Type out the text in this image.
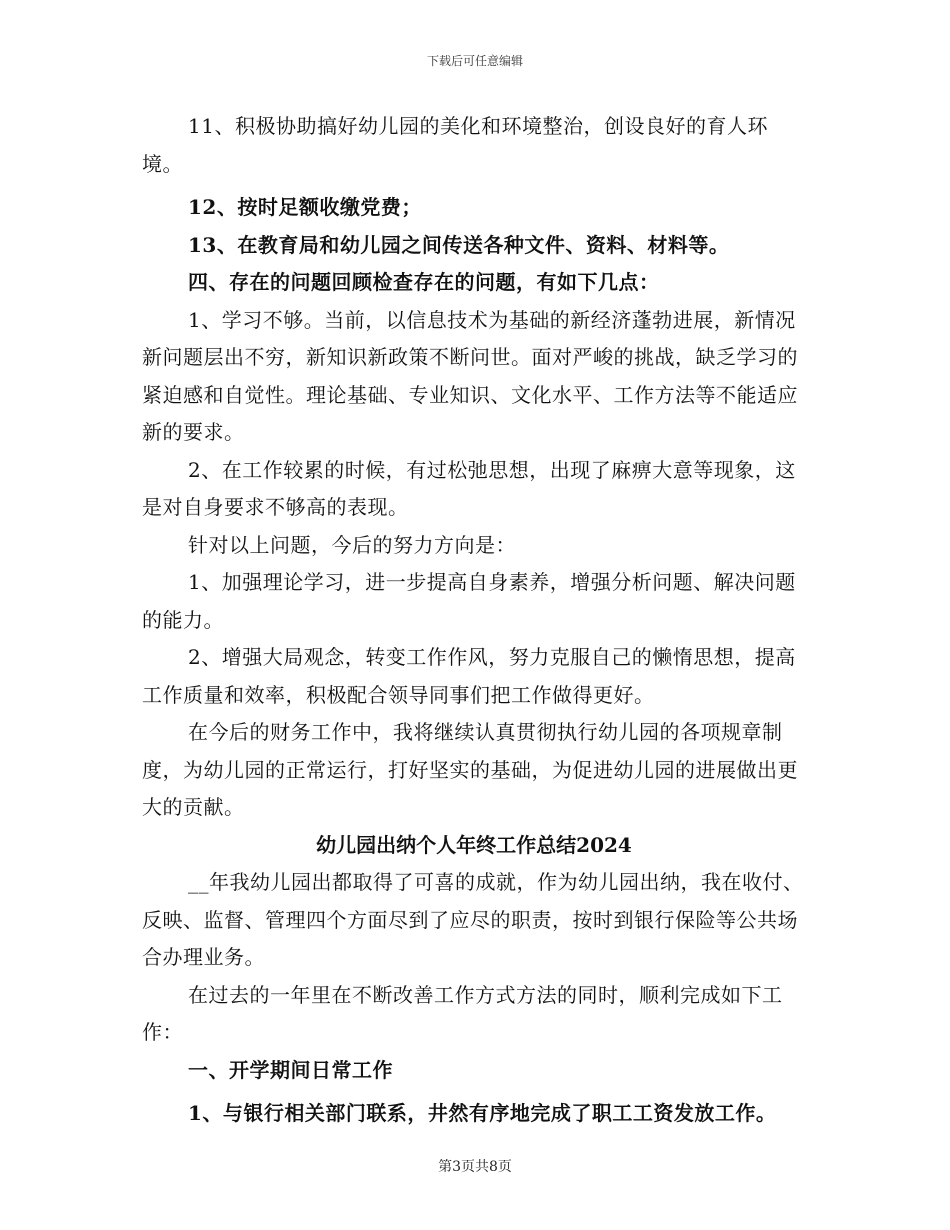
下载后可任意编辑

11、积极协助搞好幼儿园的美化和环境整治，创设良好的育人环境。

12、按时足额收缴党费；

13、在教育局和幼儿园之间传送各种文件、资料、材料等。

四、存在的问题回顾检查存在的问题，有如下几点：

1、学习不够。当前，以信息技术为基础的新经济蓬勃进展，新情况新问题层出不穷，新知识新政策不断问世。面对严峻的挑战，缺乏学习的紧迫感和自觉性。理论基础、专业知识、文化水平、工作方法等不能适应新的要求。

2、在工作较累的时候，有过松弛思想，出现了麻痹大意等现象，这是对自身要求不够高的表现。

针对以上问题，今后的努力方向是：

1、加强理论学习，进一步提高自身素养，增强分析问题、解决问题的能力。

2、增强大局观念，转变工作作风，努力克服自己的懒惰思想，提高工作质量和效率，积极配合领导同事们把工作做得更好。

在今后的财务工作中，我将继续认真贯彻执行幼儿园的各项规章制度，为幼儿园的正常运行，打好坚实的基础，为促进幼儿园的进展做出更大的贡献。

幼儿园出纳个人年终工作总结2024

__年我幼儿园出都取得了可喜的成就，作为幼儿园出纳，我在收付、反映、监督、管理四个方面尽到了应尽的职责，按时到银行保险等公共场合办理业务。

在过去的一年里在不断改善工作方式方法的同时，顺利完成如下工作：

一、开学期间日常工作

1、与银行相关部门联系，井然有序地完成了职工工资发放工作。

第3页共8页
